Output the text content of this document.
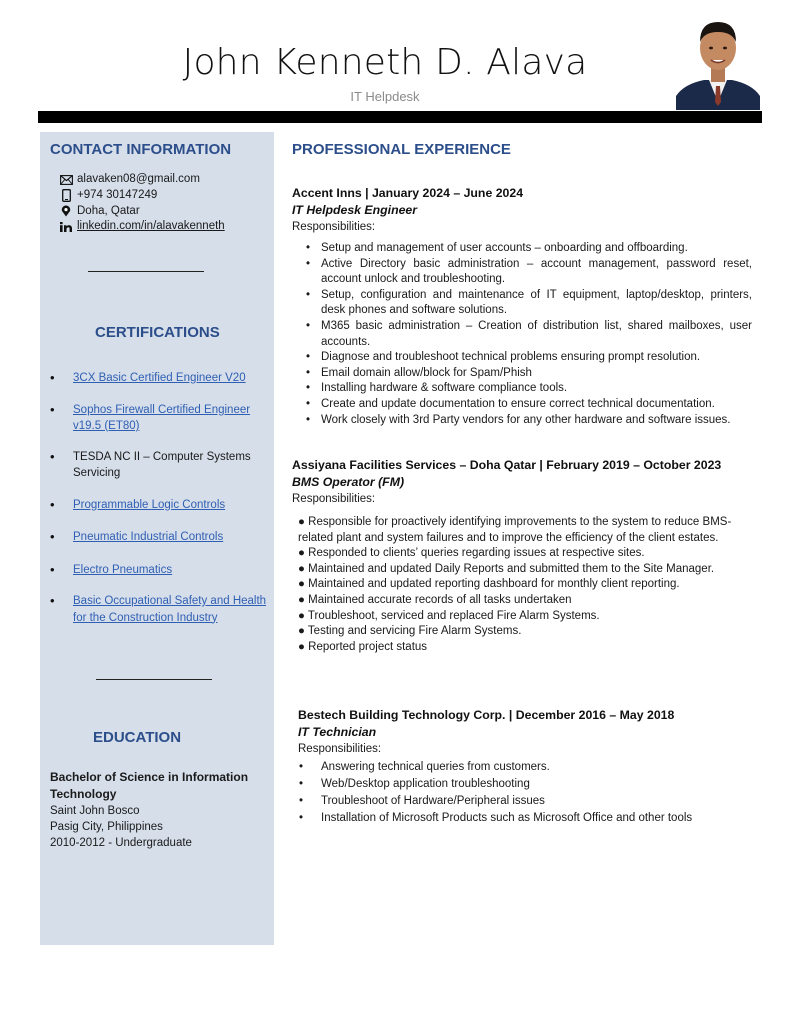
John Kenneth D. Alava
IT Helpdesk
CONTACT INFORMATION
alavaken08@gmail.com
+974 30147249
Doha, Qatar
linkedin.com/in/alavakenneth
CERTIFICATIONS
• 3CX Basic Certified Engineer V20
• Sophos Firewall Certified Engineer v19.5 (ET80)
• TESDA NC II – Computer Systems Servicing
• Programmable Logic Controls
• Pneumatic Industrial Controls
• Electro Pneumatics
• Basic Occupational Safety and Health for the Construction Industry
EDUCATION
Bachelor of Science in Information Technology
Saint John Bosco
Pasig City, Philippines
2010-2012 - Undergraduate
PROFESSIONAL EXPERIENCE
Accent Inns | January 2024 – June 2024
IT Helpdesk Engineer
Responsibilities:
• Setup and management of user accounts – onboarding and offboarding.
• Active Directory basic administration – account management, password reset, account unlock and troubleshooting.
• Setup, configuration and maintenance of IT equipment, laptop/desktop, printers, desk phones and software solutions.
• M365 basic administration – Creation of distribution list, shared mailboxes, user accounts.
• Diagnose and troubleshoot technical problems ensuring prompt resolution.
• Email domain allow/block for Spam/Phish
• Installing hardware & software compliance tools.
• Create and update documentation to ensure correct technical documentation.
• Work closely with 3rd Party vendors for any other hardware and software issues.
Assiyana Facilities Services – Doha Qatar | February 2019 – October 2023
BMS Operator (FM)
Responsibilities:
● Responsible for proactively identifying improvements to the system to reduce BMS-related plant and system failures and to improve the efficiency of the client estates.
● Responded to clients’ queries regarding issues at respective sites.
● Maintained and updated Daily Reports and submitted them to the Site Manager.
● Maintained and updated reporting dashboard for monthly client reporting.
● Maintained accurate records of all tasks undertaken
● Troubleshoot, serviced and replaced Fire Alarm Systems.
● Testing and servicing Fire Alarm Systems.
● Reported project status
Bestech Building Technology Corp. | December 2016 – May 2018
IT Technician
Responsibilities:
• Answering technical queries from customers.
• Web/Desktop application troubleshooting
• Troubleshoot of Hardware/Peripheral issues
• Installation of Microsoft Products such as Microsoft Office and other tools
